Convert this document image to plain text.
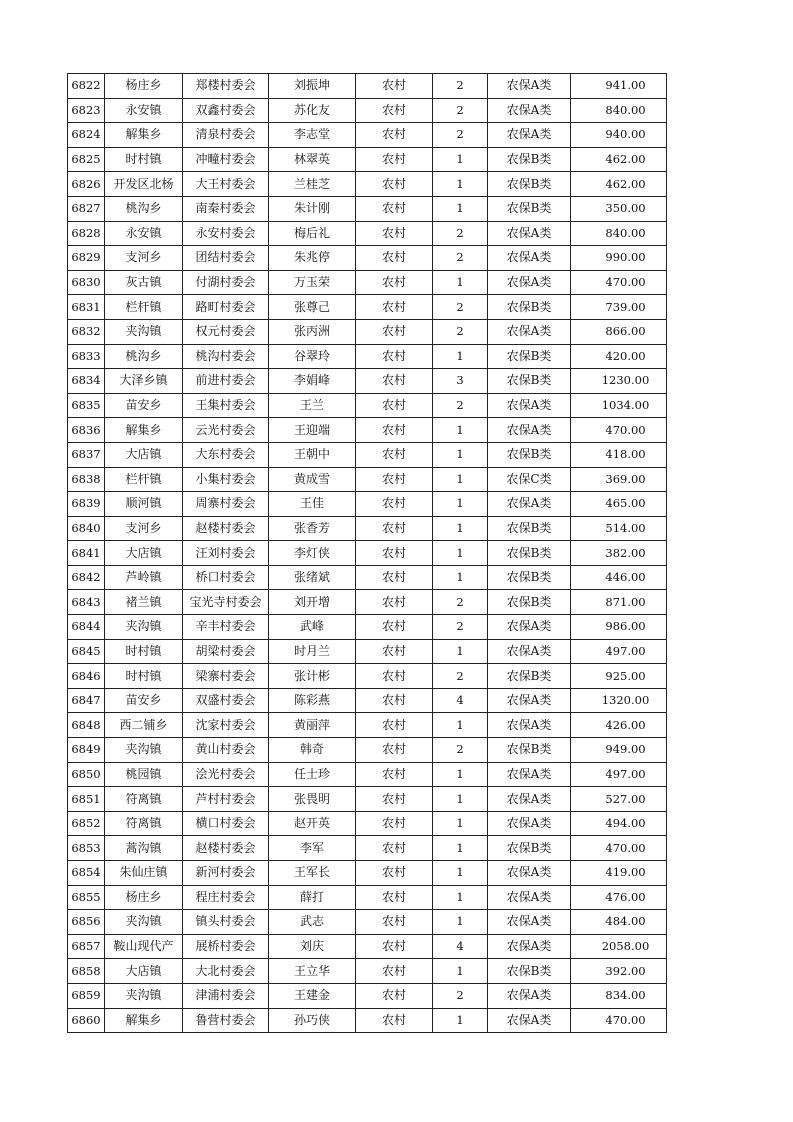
6822	杨庄乡	郑楼村委会	刘振坤	农村	2	农保A类	941.00
6823	永安镇	双鑫村委会	苏化友	农村	2	农保A类	840.00
6824	解集乡	清泉村委会	李志堂	农村	2	农保A类	940.00
6825	时村镇	冲疃村委会	林翠英	农村	1	农保B类	462.00
6826	开发区北杨	大王村委会	兰桂芝	农村	1	农保B类	462.00
6827	桃沟乡	南秦村委会	朱计刚	农村	1	农保B类	350.00
6828	永安镇	永安村委会	梅后礼	农村	2	农保A类	840.00
6829	支河乡	团结村委会	朱兆停	农村	2	农保A类	990.00
6830	灰古镇	付湖村委会	万玉荣	农村	1	农保A类	470.00
6831	栏杆镇	路町村委会	张尊己	农村	2	农保B类	739.00
6832	夹沟镇	权元村委会	张丙洲	农村	2	农保A类	866.00
6833	桃沟乡	桃沟村委会	谷翠玲	农村	1	农保B类	420.00
6834	大泽乡镇	前进村委会	李娟峰	农村	3	农保B类	1230.00
6835	苗安乡	王集村委会	王兰	农村	2	农保A类	1034.00
6836	解集乡	云光村委会	王迎端	农村	1	农保A类	470.00
6837	大店镇	大东村委会	王朝中	农村	1	农保B类	418.00
6838	栏杆镇	小集村委会	黄成雪	农村	1	农保C类	369.00
6839	顺河镇	周寨村委会	王佳	农村	1	农保A类	465.00
6840	支河乡	赵楼村委会	张香芳	农村	1	农保B类	514.00
6841	大店镇	汪刘村委会	李灯侠	农村	1	农保B类	382.00
6842	芦岭镇	桥口村委会	张绪斌	农村	1	农保B类	446.00
6843	褚兰镇	宝光寺村委会	刘开增	农村	2	农保B类	871.00
6844	夹沟镇	辛丰村委会	武峰	农村	2	农保A类	986.00
6845	时村镇	胡梁村委会	时月兰	农村	1	农保A类	497.00
6846	时村镇	梁寨村委会	张计彬	农村	2	农保B类	925.00
6847	苗安乡	双盛村委会	陈彩燕	农村	4	农保A类	1320.00
6848	西二铺乡	沈家村委会	黄丽萍	农村	1	农保A类	426.00
6849	夹沟镇	黄山村委会	韩奇	农村	2	农保B类	949.00
6850	桃园镇	浍光村委会	任士珍	农村	1	农保A类	497.00
6851	符离镇	芦村村委会	张畏明	农村	1	农保A类	527.00
6852	符离镇	横口村委会	赵开英	农村	1	农保A类	494.00
6853	蒿沟镇	赵楼村委会	李军	农村	1	农保B类	470.00
6854	朱仙庄镇	新河村委会	王军长	农村	1	农保A类	419.00
6855	杨庄乡	程庄村委会	薛打	农村	1	农保A类	476.00
6856	夹沟镇	镇头村委会	武志	农村	1	农保A类	484.00
6857	鞍山现代产	展桥村委会	刘庆	农村	4	农保A类	2058.00
6858	大店镇	大北村委会	王立华	农村	1	农保B类	392.00
6859	夹沟镇	津浦村委会	王建金	农村	2	农保A类	834.00
6860	解集乡	鲁营村委会	孙巧侠	农村	1	农保A类	470.00
